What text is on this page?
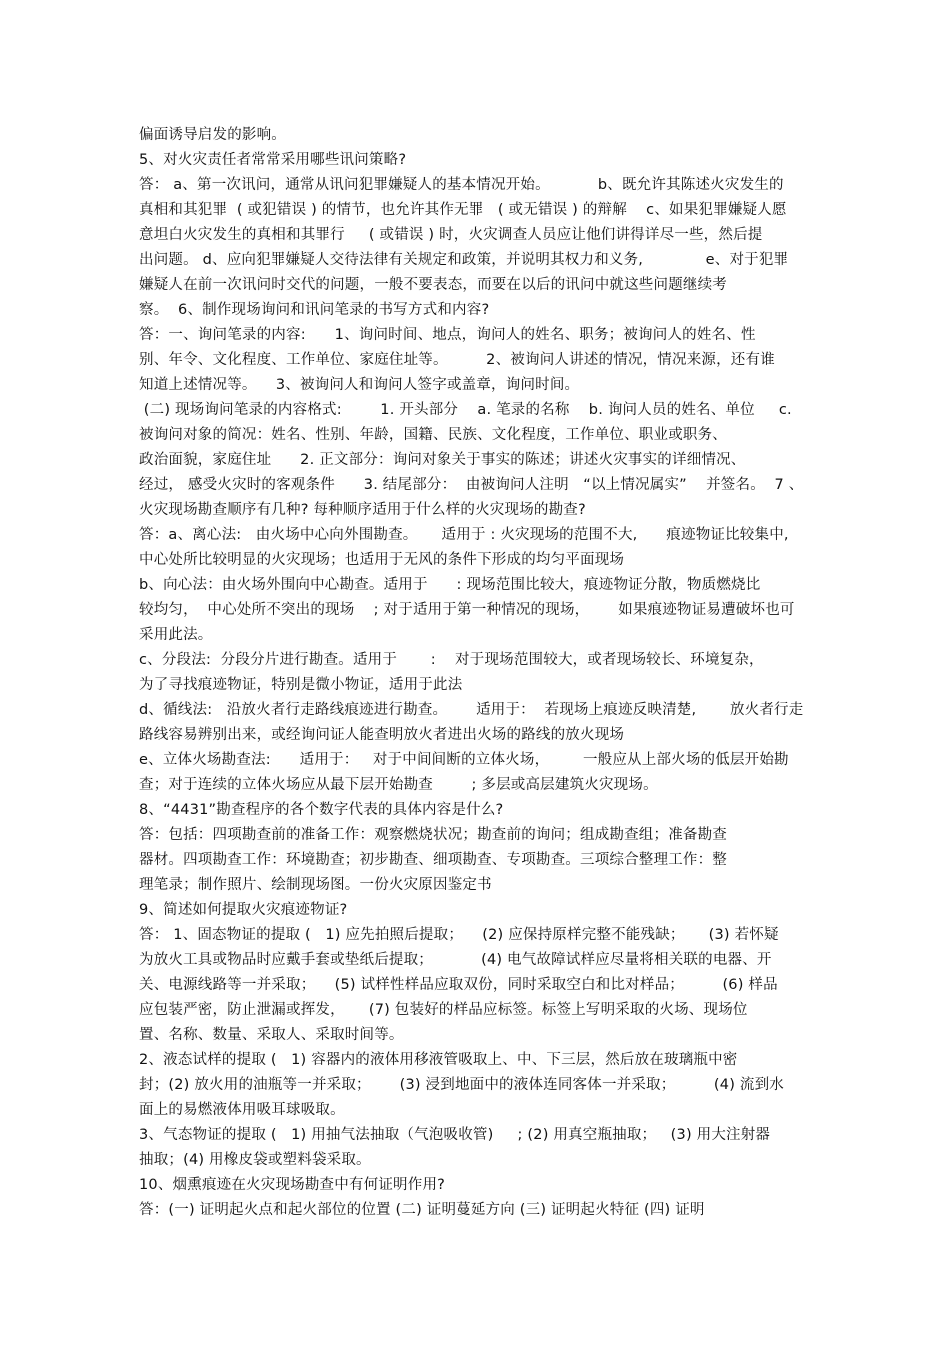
偏面诱导启发的影响。
5、对火灾责任者常常采用哪些讯问策略?
答： a、第一次讯问，通常从讯问犯罪嫌疑人的基本情况开始。          b、既允许其陈述火灾发生的
真相和其犯罪  ( 或犯错误 ) 的情节，也允许其作无罪   ( 或无错误 ) 的辩解    c、如果犯罪嫌疑人愿
意坦白火灾发生的真相和其罪行     ( 或错误 ) 时，火灾调查人员应让他们讲得详尽一些，然后提
出问题。 d、应向犯罪嫌疑人交待法律有关规定和政策，并说明其权力和义务,             e、对于犯罪
嫌疑人在前一次讯问时交代的问题，一般不要表态，而要在以后的讯问中就这些问题继续考
察。  6、制作现场询问和讯问笔录的书写方式和内容?
答：一、询问笔录的内容:      1、询问时间、地点，询问人的姓名、职务；被询问人的姓名、性
别、年令、文化程度、工作单位、家庭住址等。        2、被询问人讲述的情况，情况来源，还有谁
知道上述情况等。    3、被询问人和询问人签字或盖章，询问时间。
(二) 现场询问笔录的内容格式:        1. 开头部分    a. 笔录的名称    b. 询问人员的姓名、单位     c.
被询问对象的简况：姓名、性别、年龄，国籍、民族、文化程度，工作单位、职业或职务、
政治面貌，家庭住址      2. 正文部分：询问对象关于事实的陈述；讲述火灾事实的详细情况、
经过， 感受火灾时的客观条件      3. 结尾部分：  由被询问人注明   “以上情况属实”    并签名。  7 、
火灾现场勘查顺序有几种? 每种顺序适用于什么样的火灾现场的勘查?
答：a、离心法:   由火场中心向外围勘查。     适用于 : 火灾现场的范围不大,      痕迹物证比较集中,
中心处所比较明显的火灾现场；也适用于无风的条件下形成的均匀平面现场
b、向心法：由火场外围向中心勘查。适用于      : 现场范围比较大，痕迹物证分散，物质燃烧比
较均匀，  中心处所不突出的现场    ; 对于适用于第一种情况的现场，      如果痕迹物证易遭破坏也可
采用此法。
c、分段法:  分段分片进行勘查。适用于       :    对于现场范围较大，或者现场较长、环境复杂，
为了寻找痕迹物证，特别是微小物证，适用于此法
d、循线法:   沿放火者行走路线痕迹进行勘查。      适用于：  若现场上痕迹反映清楚,       放火者行走
路线容易辨别出来，或经询问证人能查明放火者进出火场的路线的放火现场
e、立体火场勘查法:      适用于：   对于中间间断的立体火场，       一般应从上部火场的低层开始勘
查；对于连续的立体火场应从最下层开始勘查        ; 多层或高层建筑火灾现场。
8、“4431”勘查程序的各个数字代表的具体内容是什么?
答：包括：四项勘查前的准备工作：观察燃烧状况；勘查前的询问；组成勘查组；准备勘查
器材。四项勘查工作：环境勘查；初步勘查、细项勘查、专项勘查。三项综合整理工作：整
理笔录；制作照片、绘制现场图。一份火灾原因鉴定书
9、简述如何提取火灾痕迹物证?
答： 1、固态物证的提取 (   1) 应先拍照后提取；    (2) 应保持原样完整不能残缺；     (3) 若怀疑
为放火工具或物品时应戴手套或垫纸后提取；          (4) 电气故障试样应尽量将相关联的电器、开
关、电源线路等一并采取；    (5) 试样性样品应取双份，同时采取空白和比对样品；        (6) 样品
应包装严密，防止泄漏或挥发，     (7) 包装好的样品应标签。标签上写明采取的火场、现场位
置、名称、数量、采取人、采取时间等。
2、液态试样的提取 (   1) 容器内的液体用移液管吸取上、中、下三层，然后放在玻璃瓶中密
封；(2) 放火用的油瓶等一并采取；      (3) 浸到地面中的液体连同客体一并采取；        (4) 流到水
面上的易燃液体用吸耳球吸取。
3、气态物证的提取 (   1) 用抽气法抽取（气泡吸收管)     ; (2) 用真空瓶抽取；   (3) 用大注射器
抽取；(4) 用橡皮袋或塑料袋采取。
10、烟熏痕迹在火灾现场勘查中有何证明作用?
答：(一) 证明起火点和起火部位的位置 (二) 证明蔓延方向 (三) 证明起火特征 (四) 证明
